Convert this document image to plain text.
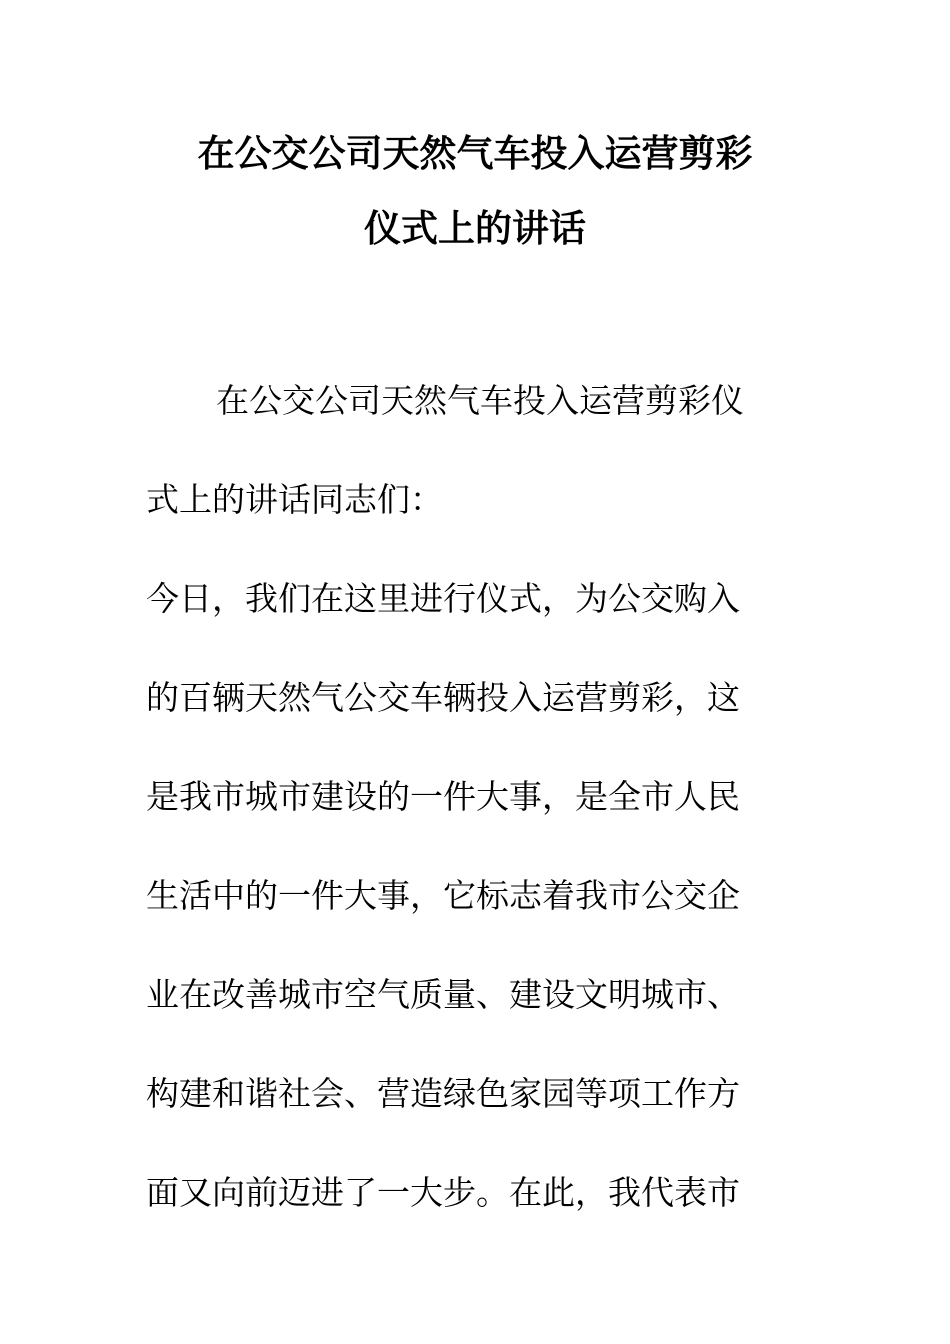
在公交公司天然气车投入运营剪彩
仪式上的讲话
在公交公司天然气车投入运营剪彩仪
式上的讲话同志们：
今日，我们在这里进行仪式，为公交购入
的百辆天然气公交车辆投入运营剪彩，这
是我市城市建设的一件大事，是全市人民
生活中的一件大事，它标志着我市公交企
业在改善城市空气质量、建设文明城市、
构建和谐社会、营造绿色家园等项工作方
面又向前迈进了一大步。在此，我代表市
